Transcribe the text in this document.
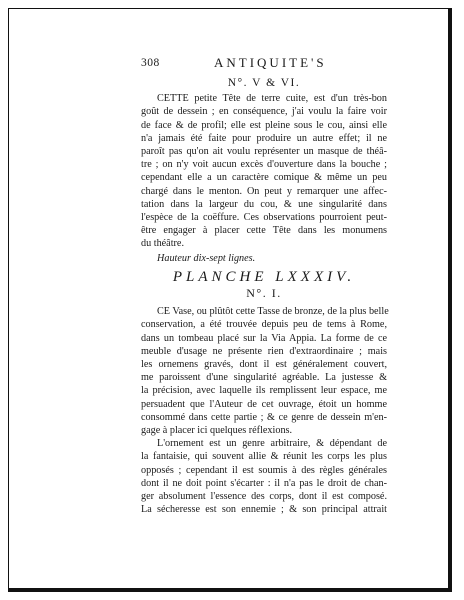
308	ANTIQUITE'S
N°. V & VI.

CETTE petite Tête de terre cuite, est d'un très-bon

goût de dessein ; en conséquence, j'ai voulu la faire voir

de face & de profil; elle est pleine sous le cou, ainsi elle

n'a jamais été faite pour produire un autre effet; il ne

paroît pas qu'on ait voulu représenter un masque de théâ-

tre ; on n'y voit aucun excès d'ouverture dans la bouche ;

cependant elle a un caractère comique & même un peu

chargé dans le menton. On peut y remarquer une affec-

tation dans la largeur du cou, & une singularité dans

l'espèce de la coëffure. Ces observations pourroient peut-

être engager à placer cette Tête dans les monumens

du théâtre.

Hauteur dix-sept lignes.
PLANCHE LXXXIV.
N°. I.

CE Vase, ou plûtôt cette Tasse de bronze, de la plus belle

conservation, a été trouvée depuis peu de tems à Rome,

dans un tombeau placé sur la Via Appia. La forme de ce

meuble d'usage ne présente rien d'extraordinaire ; mais

les ornemens gravés, dont il est généralement couvert,

me paroissent d'une singularité agréable. La justesse &

la précision, avec laquelle ils remplissent leur espace, me

persuadent que l'Auteur de cet ouvrage, étoit un homme

consommé dans cette partie ; & ce genre de dessein m'en-

gage à placer ici quelques réflexions.

L'ornement est un genre arbitraire, & dépendant de

la fantaisie, qui souvent allie & réunit les corps les plus

opposés ; cependant il est soumis à des règles générales

dont il ne doit point s'écarter : il n'a pas le droit de chan-

ger absolument l'essence des corps, dont il est composé.

La sécheresse est son ennemie ; & son principal attrait
